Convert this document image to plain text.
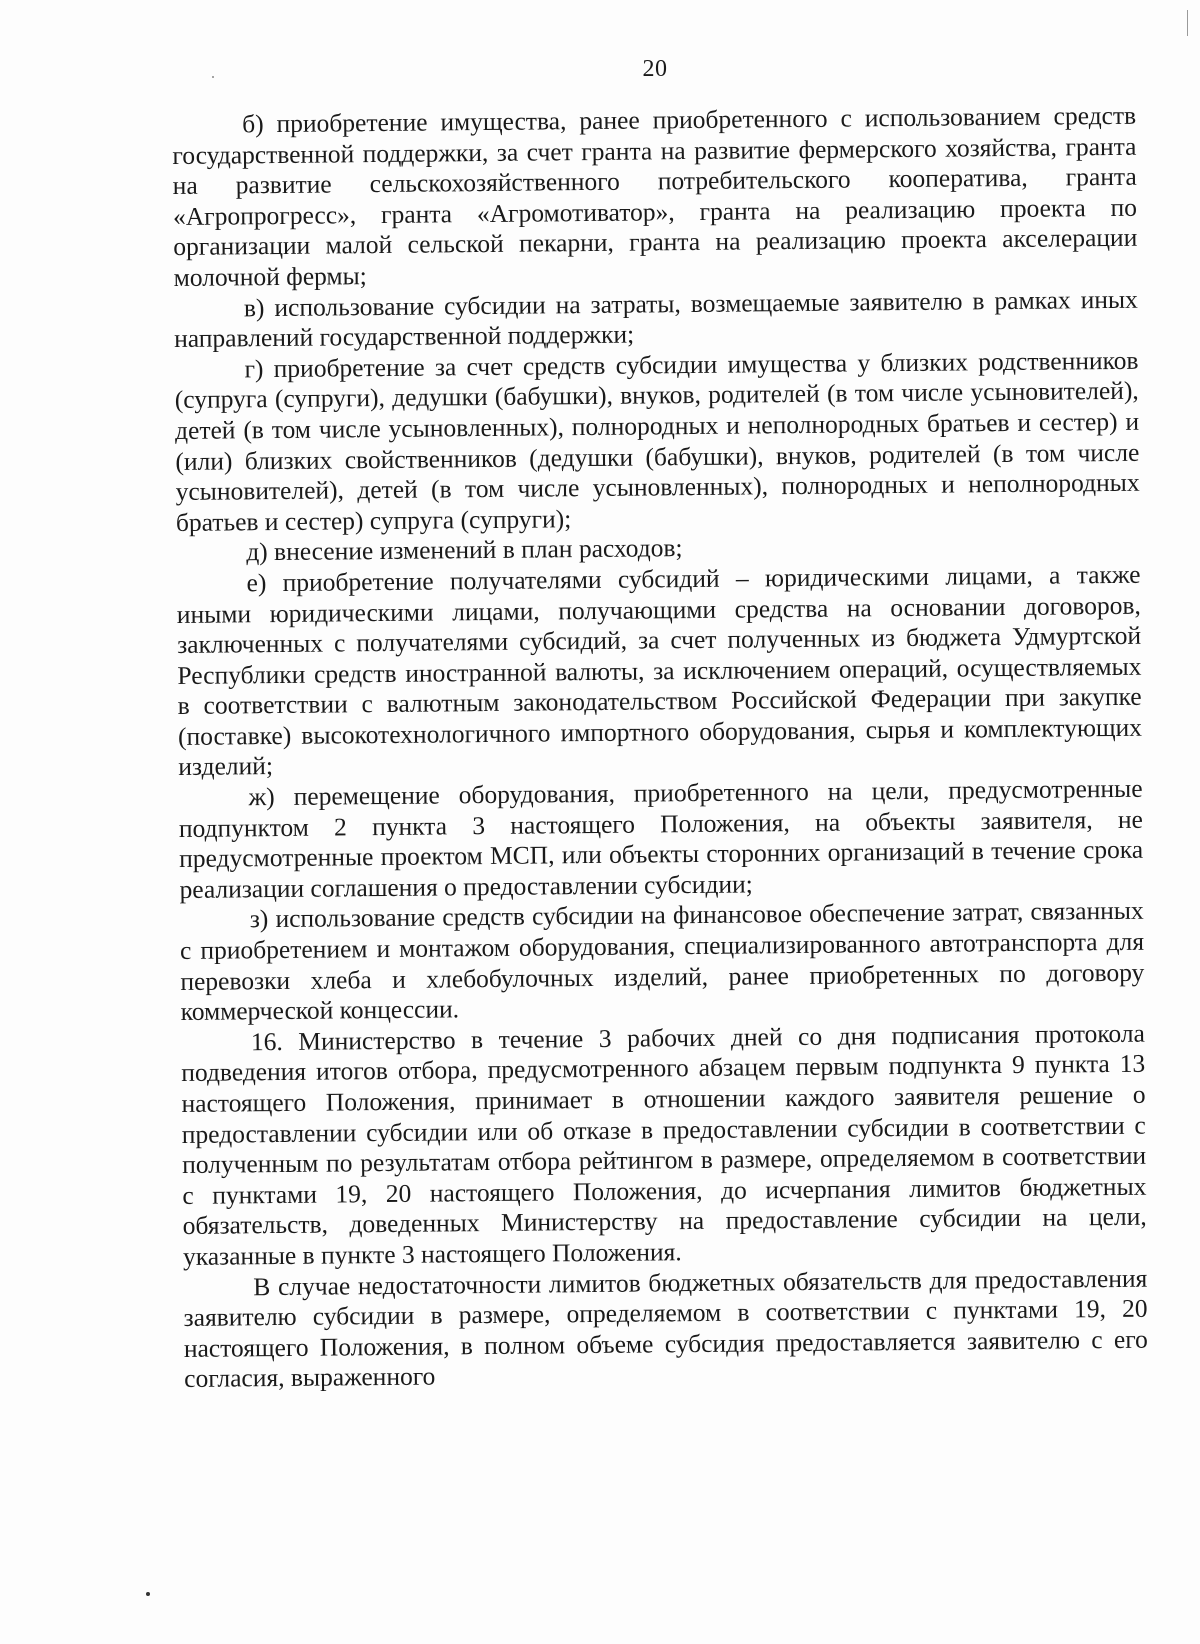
20

б) приобретение имущества, ранее приобретенного с использованием средств государственной поддержки, за счет гранта на развитие фермерского хозяйства, гранта на развитие сельскохозяйственного потребительского кооператива, гранта «Агропрогресс», гранта «Агромотиватор», гранта на реализацию проекта по организации малой сельской пекарни, гранта на реализацию проекта акселерации молочной фермы;

в) использование субсидии на затраты, возмещаемые заявителю в рамках иных направлений государственной поддержки;

г) приобретение за счет средств субсидии имущества у близких родственников (супруга (супруги), дедушки (бабушки), внуков, родителей (в том числе усыновителей), детей (в том числе усыновленных), полнородных и неполнородных братьев и сестер) и (или) близких свойственников (дедушки (бабушки), внуков, родителей (в том числе усыновителей), детей (в том числе усыновленных), полнородных и неполнородных братьев и сестер) супруга (супруги);

д) внесение изменений в план расходов;

е) приобретение получателями субсидий – юридическими лицами, а также иными юридическими лицами, получающими средства на основании договоров, заключенных с получателями субсидий, за счет полученных из бюджета Удмуртской Республики средств иностранной валюты, за исключением операций, осуществляемых в соответствии с валютным законодательством Российской Федерации при закупке (поставке) высокотехнологичного импортного оборудования, сырья и комплектующих изделий;

ж) перемещение оборудования, приобретенного на цели, предусмотренные подпунктом 2 пункта 3 настоящего Положения, на объекты заявителя, не предусмотренные проектом МСП, или объекты сторонних организаций в течение срока реализации соглашения о предоставлении субсидии;

з) использование средств субсидии на финансовое обеспечение затрат, связанных с приобретением и монтажом оборудования, специализированного автотранспорта для перевозки хлеба и хлебобулочных изделий, ранее приобретенных по договору коммерческой концессии.

16. Министерство в течение 3 рабочих дней со дня подписания протокола подведения итогов отбора, предусмотренного абзацем первым подпункта 9 пункта 13 настоящего Положения, принимает в отношении каждого заявителя решение о предоставлении субсидии или об отказе в предоставлении субсидии в соответствии с полученным по результатам отбора рейтингом в размере, определяемом в соответствии с пунктами 19, 20 настоящего Положения, до исчерпания лимитов бюджетных обязательств, доведенных Министерству на предоставление субсидии на цели, указанные в пункте 3 настоящего Положения.

В случае недостаточности лимитов бюджетных обязательств для предоставления заявителю субсидии в размере, определяемом в соответствии с пунктами 19, 20 настоящего Положения, в полном объеме субсидия предоставляется заявителю с его согласия, выраженного
